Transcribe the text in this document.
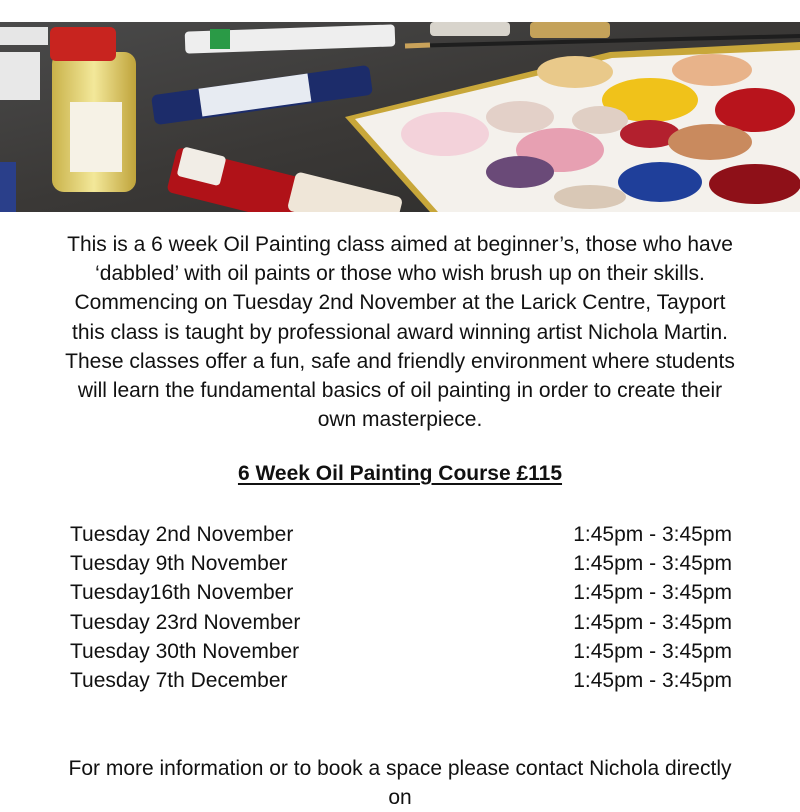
This is a 6 week Oil Painting class aimed at beginner’s, those who have ‘dabbled’ with oil paints or those who wish brush up on their skills. Commencing on Tuesday 2nd November at the Larick Centre, Tayport this class is taught by professional award winning artist Nichola Martin. These classes offer a fun, safe and friendly environment where students will learn the fundamental basics of oil painting in order to create their own masterpiece.

6 Week Oil Painting Course £115

Tuesday 2nd November	1:45pm - 3:45pm
Tuesday 9th November	1:45pm - 3:45pm
Tuesday16th November	1:45pm - 3:45pm
Tuesday 23rd November	1:45pm - 3:45pm
Tuesday 30th November	1:45pm - 3:45pm
Tuesday 7th December	1:45pm - 3:45pm

For more information or to book a space please contact Nichola directly on
